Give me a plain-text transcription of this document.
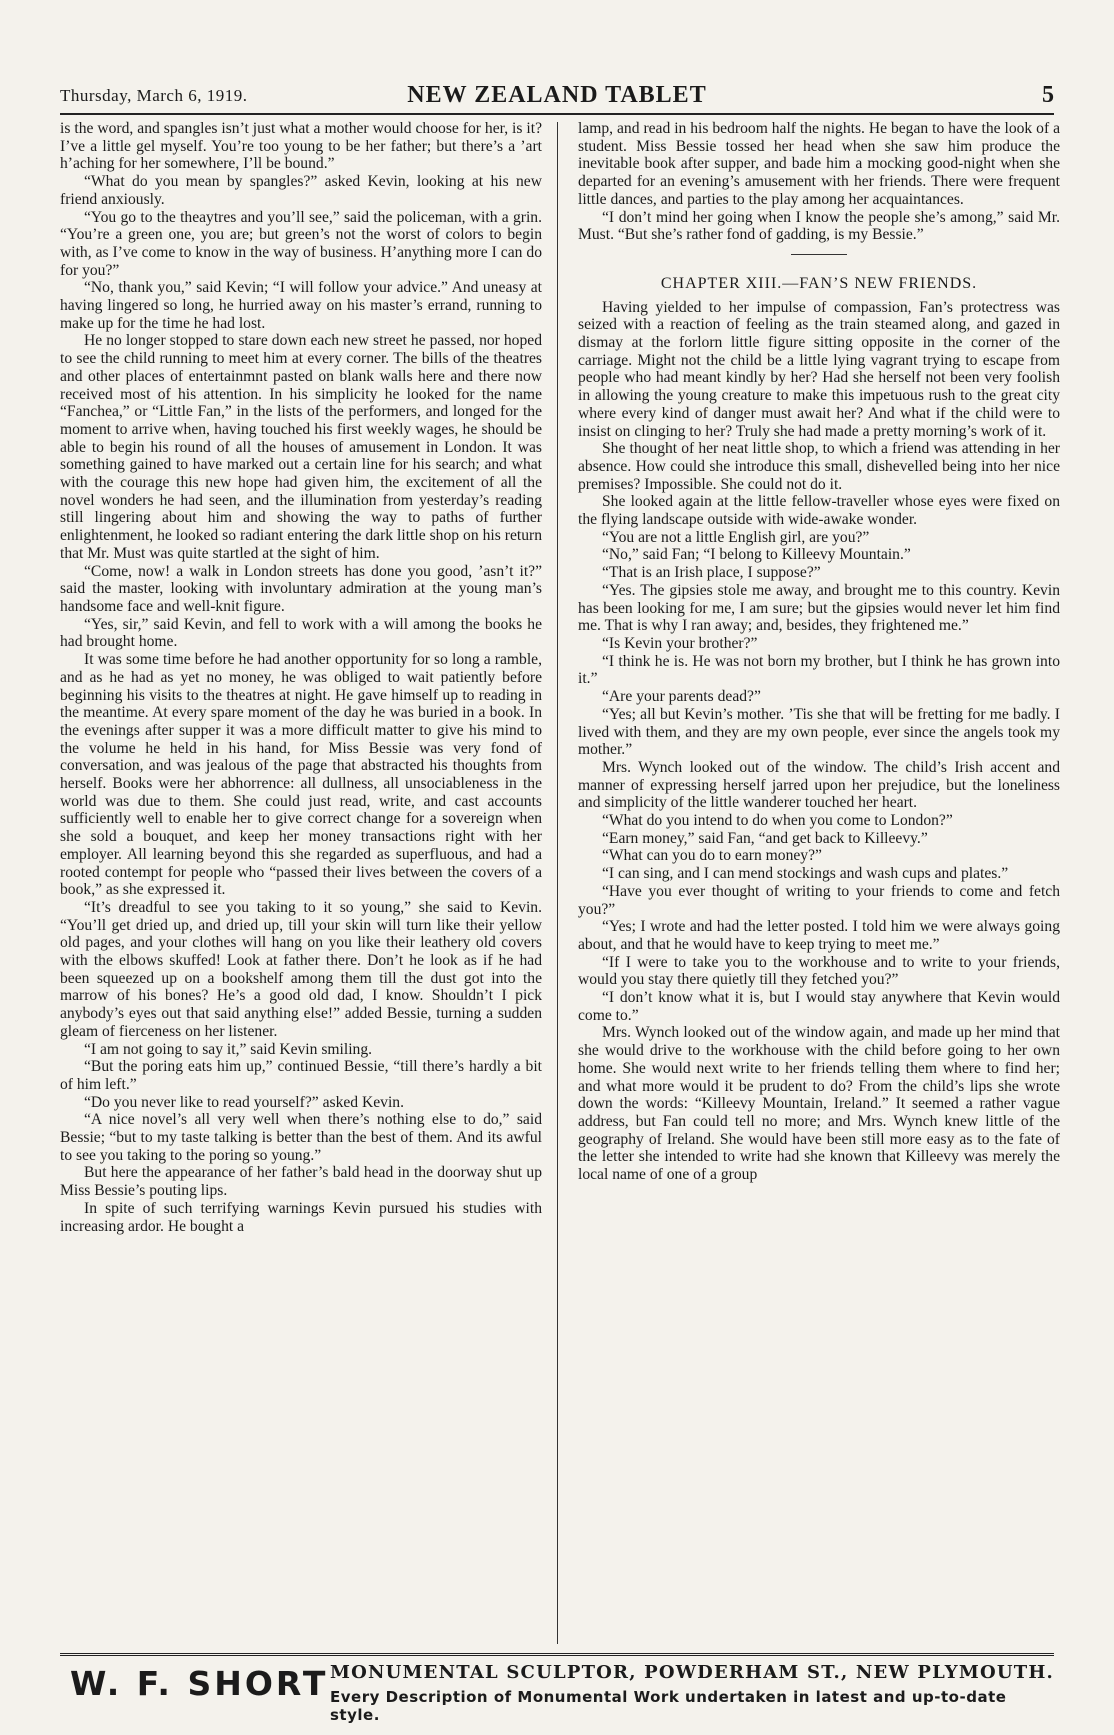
Thursday, March 6, 1919.	NEW ZEALAND TABLET	5

is the word, and spangles isn’t just what a mother would choose for her, is it? I’ve a little gel myself. You’re too young to be her father; but there’s a ’art h’aching for her somewhere, I’ll be bound.”

“What do you mean by spangles?” asked Kevin, looking at his new friend anxiously.

“You go to the theaytres and you’ll see,” said the policeman, with a grin. “You’re a green one, you are; but green’s not the worst of colors to begin with, as I’ve come to know in the way of business. H’anything more I can do for you?”

“No, thank you,” said Kevin; “I will follow your advice.” And uneasy at having lingered so long, he hurried away on his master’s errand, running to make up for the time he had lost.

He no longer stopped to stare down each new street he passed, nor hoped to see the child running to meet him at every corner. The bills of the theatres and other places of entertainmnt pasted on blank walls here and there now received most of his attention. In his simplicity he looked for the name “Fanchea,” or “Little Fan,” in the lists of the performers, and longed for the moment to arrive when, having touched his first weekly wages, he should be able to begin his round of all the houses of amusement in London. It was something gained to have marked out a certain line for his search; and what with the courage this new hope had given him, the excitement of all the novel wonders he had seen, and the illumination from yesterday’s reading still lingering about him and showing the way to paths of further enlightenment, he looked so radiant entering the dark little shop on his return that Mr. Must was quite startled at the sight of him.

“Come, now! a walk in London streets has done you good, ’asn’t it?” said the master, looking with involuntary admiration at the young man’s handsome face and well-knit figure.

“Yes, sir,” said Kevin, and fell to work with a will among the books he had brought home.

It was some time before he had another opportunity for so long a ramble, and as he had as yet no money, he was obliged to wait patiently before beginning his visits to the theatres at night. He gave himself up to reading in the meantime. At every spare moment of the day he was buried in a book. In the evenings after supper it was a more difficult matter to give his mind to the volume he held in his hand, for Miss Bessie was very fond of conversation, and was jealous of the page that abstracted his thoughts from herself. Books were her abhorrence: all dullness, all unsociableness in the world was due to them. She could just read, write, and cast accounts sufficiently well to enable her to give correct change for a sovereign when she sold a bouquet, and keep her money transactions right with her employer. All learning beyond this she regarded as superfluous, and had a rooted contempt for people who “passed their lives between the covers of a book,” as she expressed it.

“It’s dreadful to see you taking to it so young,” she said to Kevin. “You’ll get dried up, and dried up, till your skin will turn like their yellow old pages, and your clothes will hang on you like their leathery old covers with the elbows skuffed! Look at father there. Don’t he look as if he had been squeezed up on a bookshelf among them till the dust got into the marrow of his bones? He’s a good old dad, I know. Shouldn’t I pick anybody’s eyes out that said anything else!” added Bessie, turning a sudden gleam of fierceness on her listener.

“I am not going to say it,” said Kevin smiling.

“But the poring eats him up,” continued Bessie, “till there’s hardly a bit of him left.”

“Do you never like to read yourself?” asked Kevin.

“A nice novel’s all very well when there’s nothing else to do,” said Bessie; “but to my taste talking is better than the best of them. And its awful to see you taking to the poring so young.”

But here the appearance of her father’s bald head in the doorway shut up Miss Bessie’s pouting lips.

In spite of such terrifying warnings Kevin pursued his studies with increasing ardor. He bought a

lamp, and read in his bedroom half the nights. He began to have the look of a student. Miss Bessie tossed her head when she saw him produce the inevitable book after supper, and bade him a mocking good-night when she departed for an evening’s amusement with her friends. There were frequent little dances, and parties to the play among her acquaintances.

“I don’t mind her going when I know the people she’s among,” said Mr. Must. “But she’s rather fond of gadding, is my Bessie.”

CHAPTER XIII.—FAN’S NEW FRIENDS.

Having yielded to her impulse of compassion, Fan’s protectress was seized with a reaction of feeling as the train steamed along, and gazed in dismay at the forlorn little figure sitting opposite in the corner of the carriage. Might not the child be a little lying vagrant trying to escape from people who had meant kindly by her? Had she herself not been very foolish in allowing the young creature to make this impetuous rush to the great city where every kind of danger must await her? And what if the child were to insist on clinging to her? Truly she had made a pretty morning’s work of it.

She thought of her neat little shop, to which a friend was attending in her absence. How could she introduce this small, dishevelled being into her nice premises? Impossible. She could not do it.

She looked again at the little fellow-traveller whose eyes were fixed on the flying landscape outside with wide-awake wonder.

“You are not a little English girl, are you?”

“No,” said Fan; “I belong to Killeevy Mountain.”

“That is an Irish place, I suppose?”

“Yes. The gipsies stole me away, and brought me to this country. Kevin has been looking for me, I am sure; but the gipsies would never let him find me. That is why I ran away; and, besides, they frightened me.”

“Is Kevin your brother?”

“I think he is. He was not born my brother, but I think he has grown into it.”

“Are your parents dead?”

“Yes; all but Kevin’s mother. ’Tis she that will be fretting for me badly. I lived with them, and they are my own people, ever since the angels took my mother.”

Mrs. Wynch looked out of the window. The child’s Irish accent and manner of expressing herself jarred upon her prejudice, but the loneliness and simplicity of the little wanderer touched her heart.

“What do you intend to do when you come to London?”

“Earn money,” said Fan, “and get back to Killeevy.”

“What can you do to earn money?”

“I can sing, and I can mend stockings and wash cups and plates.”

“Have you ever thought of writing to your friends to come and fetch you?”

“Yes; I wrote and had the letter posted. I told him we were always going about, and that he would have to keep trying to meet me.”

“If I were to take you to the workhouse and to write to your friends, would you stay there quietly till they fetched you?”

“I don’t know what it is, but I would stay anywhere that Kevin would come to.”

Mrs. Wynch looked out of the window again, and made up her mind that she would drive to the workhouse with the child before going to her own home. She would next write to her friends telling them where to find her; and what more would it be prudent to do? From the child’s lips she wrote down the words: “Killeevy Mountain, Ireland.” It seemed a rather vague address, but Fan could tell no more; and Mrs. Wynch knew little of the geography of Ireland. She would have been still more easy as to the fate of the letter she intended to write had she known that Killeevy was merely the local name of one of a group

W. F. SHORT MONUMENTAL SCULPTOR, POWDERHAM ST., NEW PLYMOUTH.
Every Description of Monumental Work undertaken in latest and up-to-date style.
